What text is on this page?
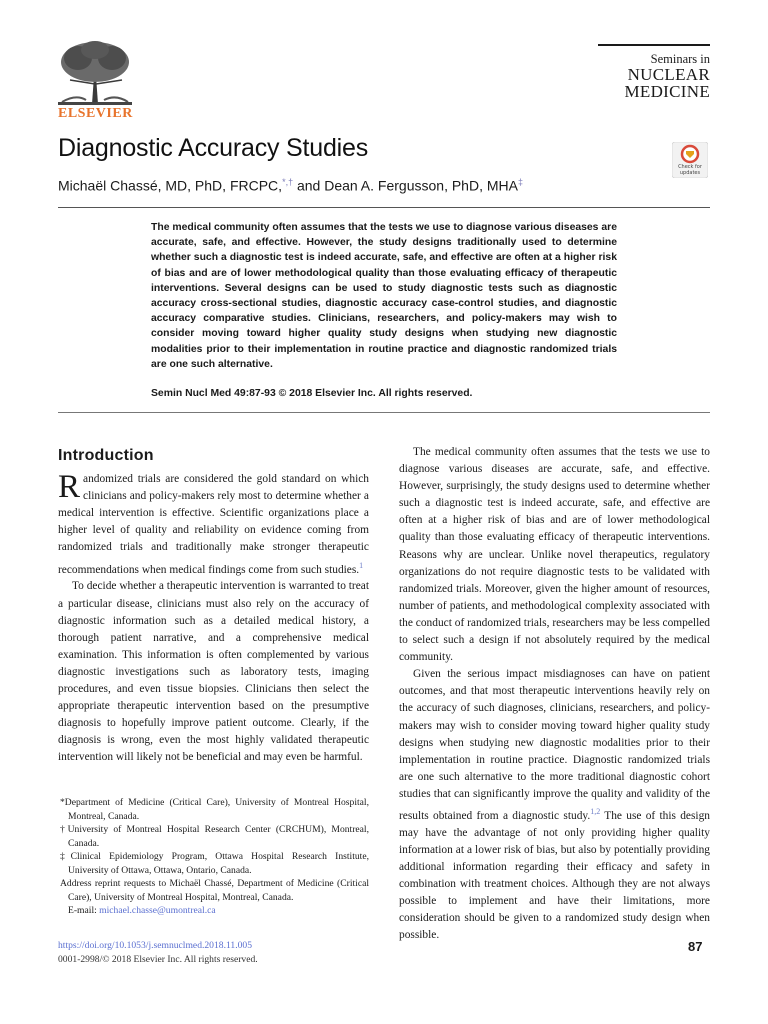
ELSEVIER
Seminars in
NUCLEAR
MEDICINE
Diagnostic Accuracy Studies
Check for
updates
Michaël Chassé, MD, PhD, FRCPC,*,† and Dean A. Fergusson, PhD, MHA‡
The medical community often assumes that the tests we use to diagnose various diseases are accurate, safe, and effective. However, the study designs traditionally used to determine whether such a diagnostic test is indeed accurate, safe, and effective are often at a higher risk of bias and are of lower methodological quality than those evaluating efficacy of therapeutic interventions. Several designs can be used to study diagnostic tests such as diagnostic accuracy cross-sectional studies, diagnostic accuracy case-control studies, and diagnostic accuracy comparative studies. Clinicians, researchers, and policy-makers may wish to consider moving toward higher quality study designs when studying new diagnostic modalities prior to their implementation in routine practice and diagnostic randomized trials are one such alternative.
Semin Nucl Med 49:87-93 © 2018 Elsevier Inc. All rights reserved.
Introduction

Randomized trials are considered the gold standard on which clinicians and policy-makers rely most to determine whether a medical intervention is effective. Scientific organizations place a higher level of quality and reliability on evidence coming from randomized trials and traditionally make stronger therapeutic recommendations when medical findings come from such studies.$^1$

To decide whether a therapeutic intervention is warranted to treat a particular disease, clinicians must also rely on the accuracy of diagnostic information such as a detailed medical history, a thorough patient narrative, and a comprehensive medical examination. This information is often complemented by various diagnostic investigations such as laboratory tests, imaging procedures, and even tissue biopsies. Clinicians then select the appropriate therapeutic intervention based on the presumptive diagnosis to hopefully improve patient outcome. Clearly, if the diagnosis is wrong, even the most highly validated therapeutic intervention will likely not be beneficial and may even be harmful.

The medical community often assumes that the tests we use to diagnose various diseases are accurate, safe, and effective. However, surprisingly, the study designs used to determine whether such a diagnostic test is indeed accurate, safe, and effective are often at a higher risk of bias and are of lower methodological quality than those evaluating efficacy of therapeutic interventions. Reasons why are unclear. Unlike novel therapeutics, regulatory organizations do not require diagnostic tests to be validated with randomized trials. Moreover, given the higher amount of resources, number of patients, and methodological complexity associated with the conduct of randomized trials, researchers may be less compelled to select such a design if not absolutely required by the medical community.

Given the serious impact misdiagnoses can have on patient outcomes, and that most therapeutic interventions heavily rely on the accuracy of such diagnoses, clinicians, researchers, and policy-makers may wish to consider moving toward higher quality study designs when studying new diagnostic modalities prior to their implementation in routine practice. Diagnostic randomized trials are one such alternative to the more traditional diagnostic cohort studies that can significantly improve the quality and validity of the results obtained from a diagnostic study.$^{1,2}$ The use of this design may have the advantage of not only providing higher quality information at a lower risk of bias, but also by potentially providing additional information regarding their efficacy and safety in combination with treatment choices. Although they are not always possible to implement and have their limitations, more consideration should be given to a randomized study design when possible.

*Department of Medicine (Critical Care), University of Montreal Hospital, Montreal, Canada.

†University of Montreal Hospital Research Center (CRCHUM), Montreal, Canada.

‡Clinical Epidemiology Program, Ottawa Hospital Research Institute, University of Ottawa, Ottawa, Ontario, Canada.

Address reprint requests to Michaël Chassé, Department of Medicine (Critical Care), University of Montreal Hospital, Montreal, Canada.
E-mail: michael.chasse@umontreal.ca

https://doi.org/10.1053/j.semnuclmed.2018.11.005
0001-2998/© 2018 Elsevier Inc. All rights reserved.
87
